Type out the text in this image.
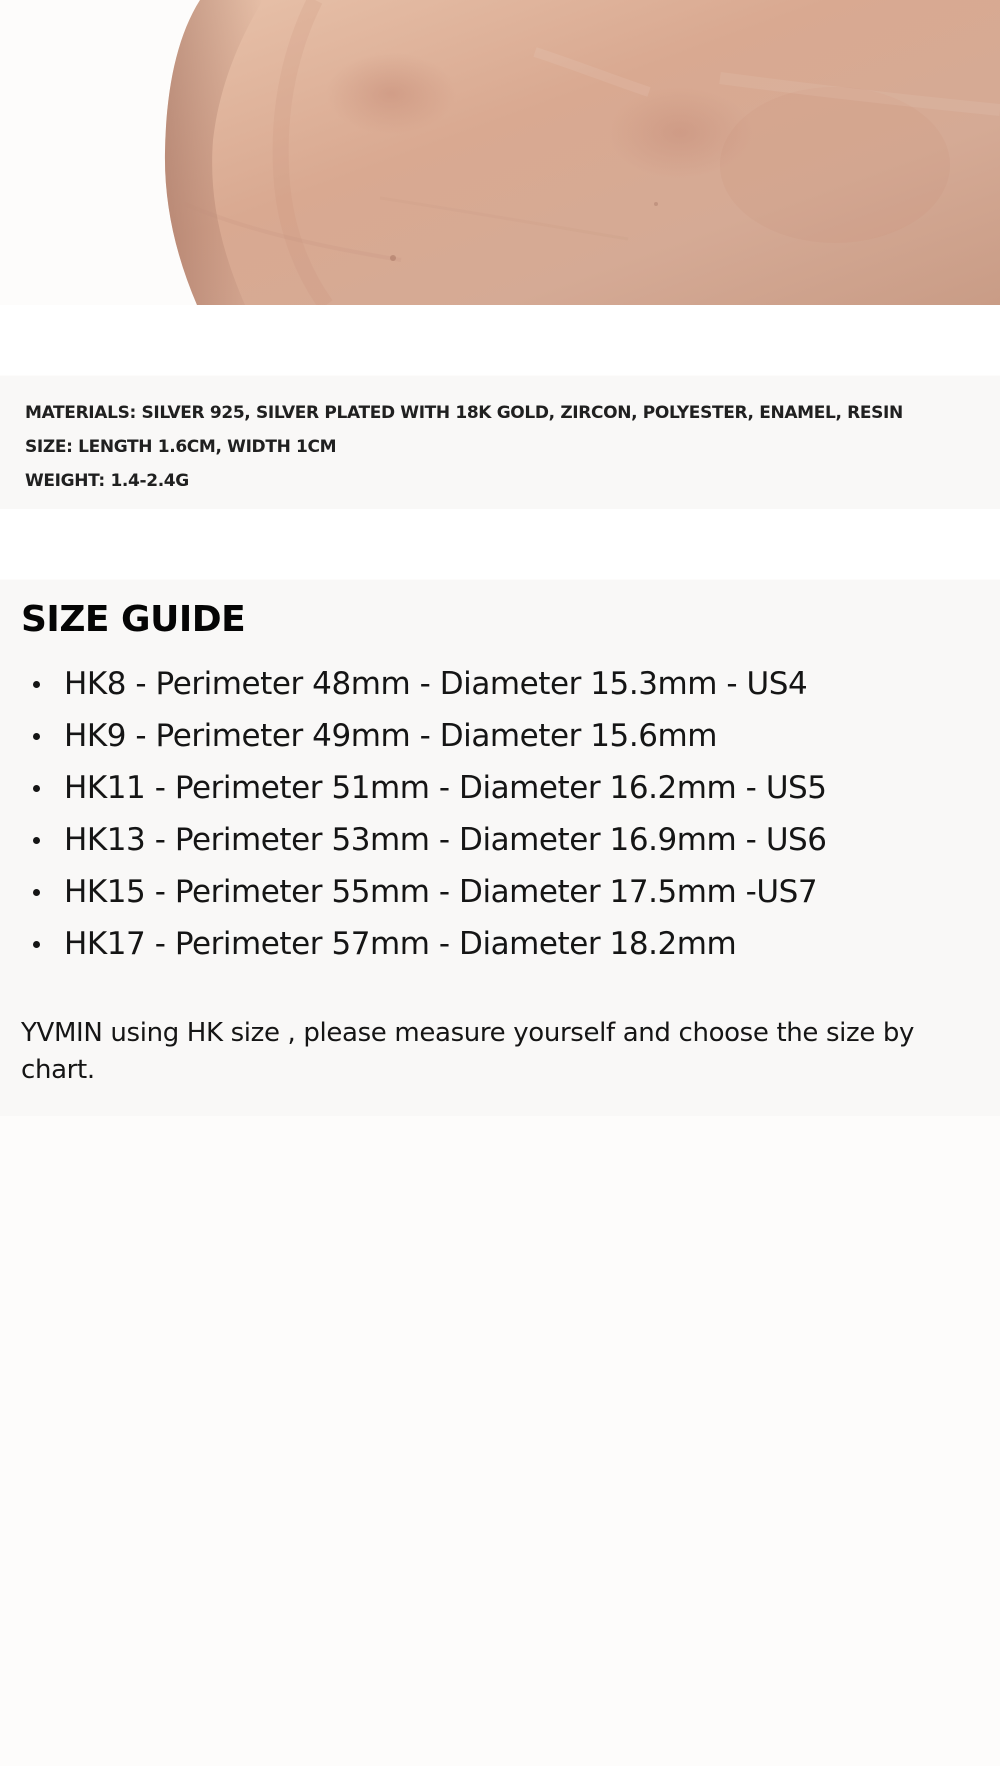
MATERIALS: SILVER 925, SILVER PLATED WITH 18K GOLD, ZIRCON, POLYESTER, ENAMEL, RESIN
SIZE: LENGTH 1.6CM, WIDTH 1CM
WEIGHT: 1.4-2.4G
SIZE GUIDE
HK8 - Perimeter 48mm - Diameter 15.3mm - US4
HK9 - Perimeter 49mm - Diameter 15.6mm
HK11 - Perimeter 51mm - Diameter 16.2mm - US5
HK13 - Perimeter 53mm - Diameter 16.9mm - US6
HK15 - Perimeter 55mm - Diameter 17.5mm -US7
HK17 - Perimeter 57mm - Diameter 18.2mm

YVMIN using HK size , please measure yourself and choose the size by chart.
